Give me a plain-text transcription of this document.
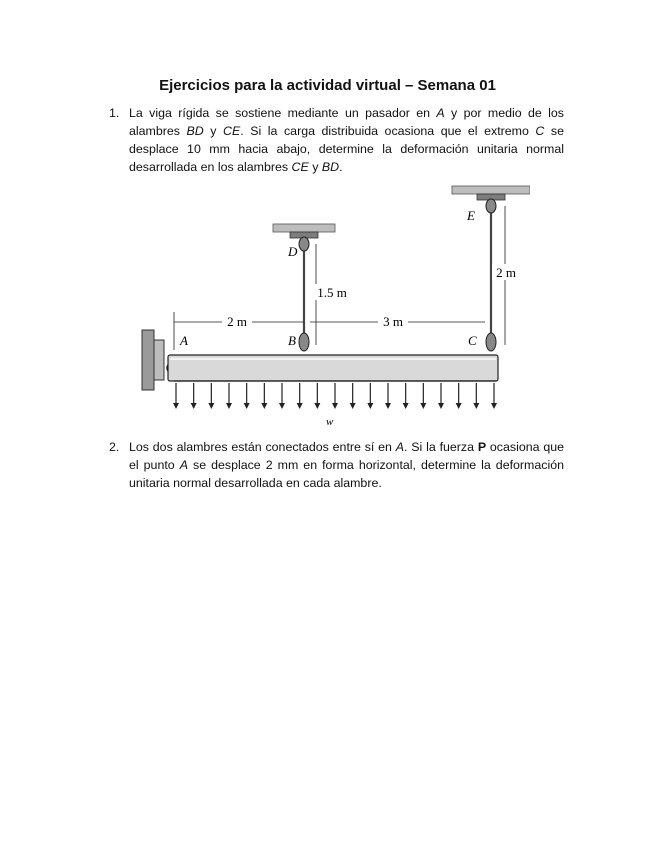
Ejercicios para la actividad virtual – Semana 01
1. La viga rígida se sostiene mediante un pasador en A y por medio de los alambres BD y CE. Si la carga distribuida ocasiona que el extremo C se desplace 10 mm hacia abajo, determine la deformación unitaria normal desarrollada en los alambres CE y BD.
2 m	3 m
1.5 m
2 m
A	B	C
D
E
w
2. Los dos alambres están conectados entre sí en A. Si la fuerza P ocasiona que el punto A se desplace 2 mm en forma horizontal, determine la deformación unitaria normal desarrollada en cada alambre.
